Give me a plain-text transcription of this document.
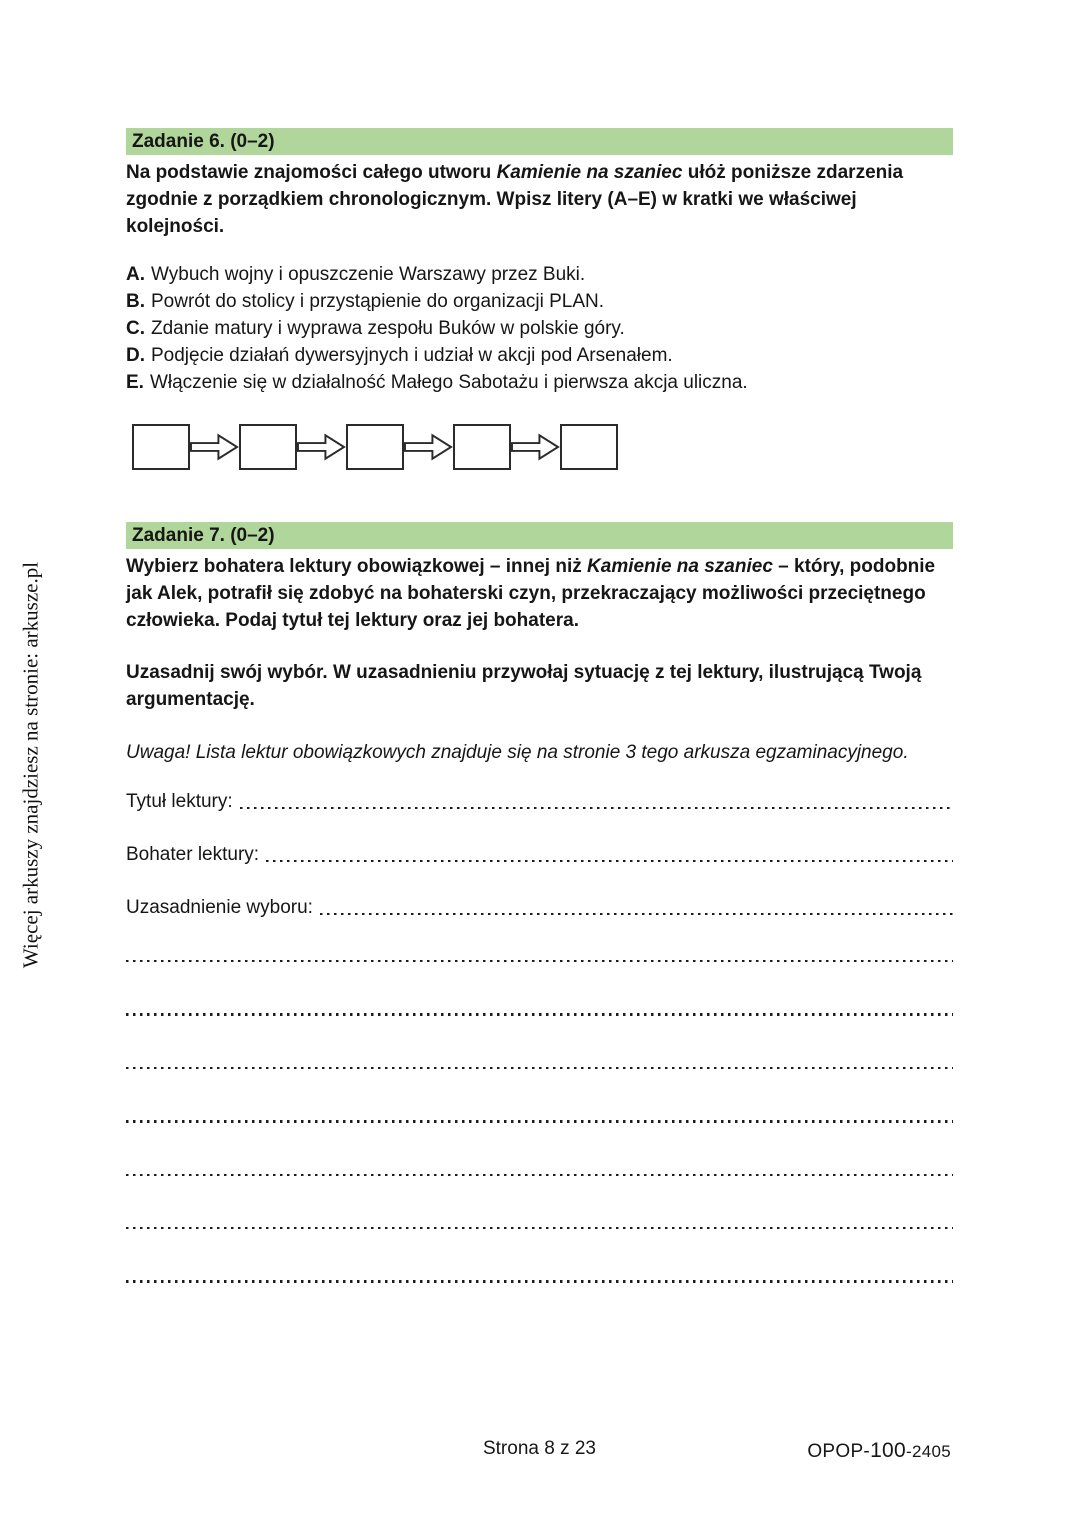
Więcej arkuszy znajdziesz na stronie: arkusze.pl
Zadanie 6. (0–2)

Na podstawie znajomości całego utworu Kamienie na szaniec ułóż poniższe zdarzenia zgodnie z porządkiem chronologicznym. Wpisz litery (A–E) w kratki we właściwej kolejności.

A. Wybuch wojny i opuszczenie Warszawy przez Buki.
B. Powrót do stolicy i przystąpienie do organizacji PLAN.
C. Zdanie matury i wyprawa zespołu Buków w polskie góry.
D. Podjęcie działań dywersyjnych i udział w akcji pod Arsenałem.
E. Włączenie się w działalność Małego Sabotażu i pierwsza akcja uliczna.
Zadanie 7. (0–2)

Wybierz bohatera lektury obowiązkowej – innej niż Kamienie na szaniec – który, podobnie jak Alek, potrafił się zdobyć na bohaterski czyn, przekraczający możliwości przeciętnego człowieka. Podaj tytuł tej lektury oraz jej bohatera.

Uzasadnij swój wybór. W uzasadnieniu przywołaj sytuację z tej lektury, ilustrującą Twoją argumentację.

Uwaga! Lista lektur obowiązkowych znajduje się na stronie 3 tego arkusza egzaminacyjnego.

Tytuł lektury:
Bohater lektury:
Uzasadnienie wyboru:
Strona 8 z 23	OPOP-100-2405
